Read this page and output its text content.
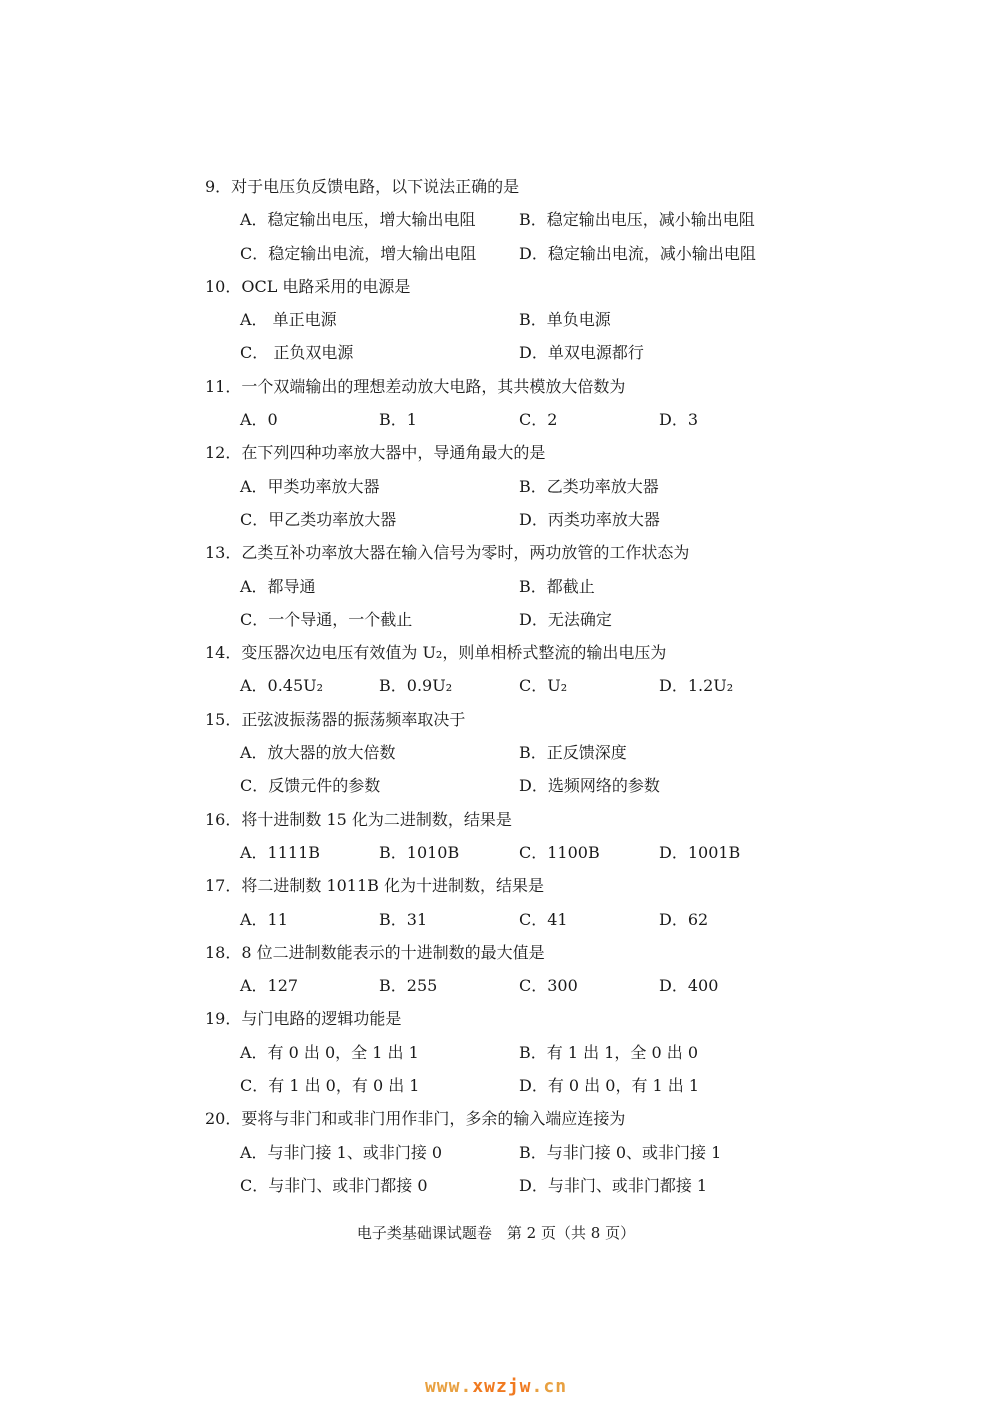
9．对于电压负反馈电路，以下说法正确的是
A．稳定输出电压，增大输出电阻	B．稳定输出电压，减小输出电阻
C．稳定输出电流，增大输出电阻	D．稳定输出电流，减小输出电阻
10．OCL 电路采用的电源是
A． 单正电源	B．单负电源
C． 正负双电源	D．单双电源都行
11．一个双端输出的理想差动放大电路，其共模放大倍数为
A．0	B．1	C．2	D．3
12．在下列四种功率放大器中，导通角最大的是
A．甲类功率放大器	B．乙类功率放大器
C．甲乙类功率放大器	D．丙类功率放大器
13．乙类互补功率放大器在输入信号为零时，两功放管的工作状态为
A．都导通	B．都截止
C．一个导通，一个截止	D．无法确定
14．变压器次边电压有效值为 U₂，则单相桥式整流的输出电压为
A．0.45U₂	B．0.9U₂	C．U₂	D．1.2U₂
15．正弦波振荡器的振荡频率取决于
A．放大器的放大倍数	B．正反馈深度
C．反馈元件的参数	D．选频网络的参数
16．将十进制数 15 化为二进制数，结果是
A．1111B	B．1010B	C．1100B	D．1001B
17．将二进制数 1011B 化为十进制数，结果是
A．11	B．31	C．41	D．62
18．8 位二进制数能表示的十进制数的最大值是
A．127	B．255	C．300	D．400
19．与门电路的逻辑功能是
A．有 0 出 0，全 1 出 1	B．有 1 出 1，全 0 出 0
C．有 1 出 0，有 0 出 1	D．有 0 出 0，有 1 出 1
20．要将与非门和或非门用作非门，多余的输入端应连接为
A．与非门接 1、或非门接 0	B．与非门接 0、或非门接 1
C．与非门、或非门都接 0	D．与非门、或非门都接 1
电子类基础课试题卷　第 2 页（共 8 页）
www.xwzjw.cn
